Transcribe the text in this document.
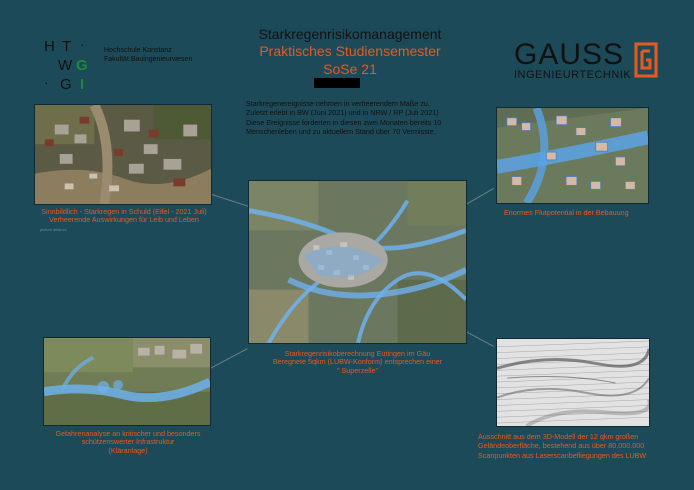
Starkregenrisikomanagement
Praktisches Studiensemester
SoSe 21
H T ·
W G
· G I
Hochschule Konstanz
Fakultät Bauingenieurwesen	GAUSS
INGENIEURTECHNIK
Starkregenereignisse nehmen in verheerendem Maße zu.
Zuletzt erlebt in BW (Juni 2021) und in NRW / RP (Juli 2021)
Diese Ereignisse forderten in diesen zwei Monaten bereits 10
Menschenleben und zu aktuellem Stand über 70 Vermisste.
Sinnbildlich - Starkregen in Schuld (Eifel - 2021 Juli)
Verheerende Auswirkungen für Leib und Leben
picture alliance
Enormes Flutpotential in der Bebauung
Starkregenrisikoberechnung Eutingen im Gäu
Beregnete 5qkm (LUBW-Konform) entsprechen einer
" Superzelle"
Gefahrenanalyse an kritischer und besonders
schützenswerter Infrastruktur
(Kläranlage)
Ausschnitt aus dem 3D-Modell der 12 qkm großen
Geländeoberfläche, bestehend aus über 80.000.000
Scanpunkten aus Laserscanbefliegungen des LUBW
